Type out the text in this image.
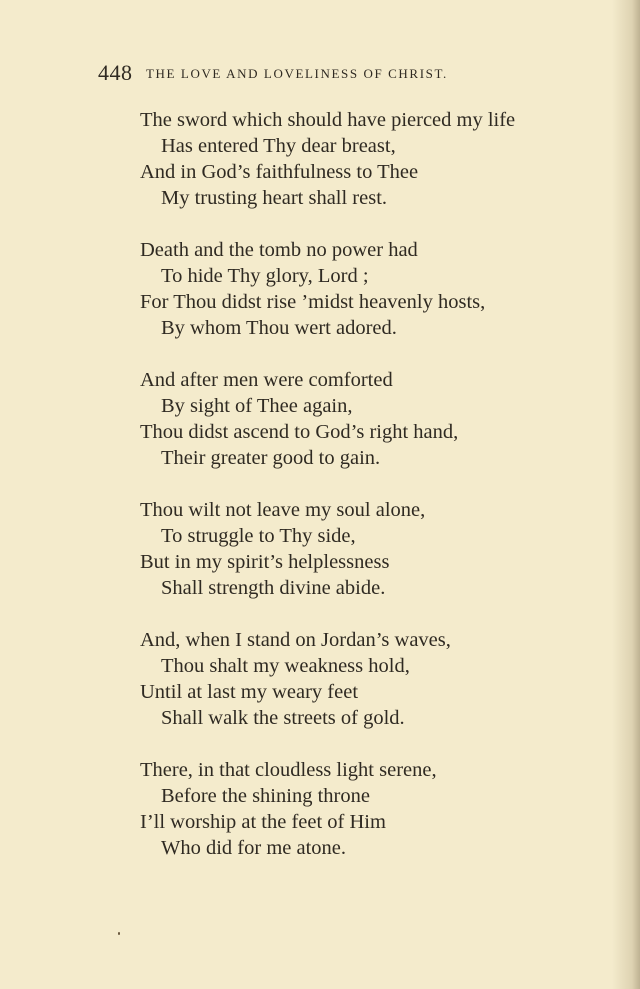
448 THE LOVE AND LOVELINESS OF CHRIST.
The sword which should have pierced my life
Has entered Thy dear breast,
And in God’s faithfulness to Thee
My trusting heart shall rest.
Death and the tomb no power had
To hide Thy glory, Lord ;
For Thou didst rise ’midst heavenly hosts,
By whom Thou wert adored.
And after men were comforted
By sight of Thee again,
Thou didst ascend to God’s right hand,
Their greater good to gain.
Thou wilt not leave my soul alone,
To struggle to Thy side,
But in my spirit’s helplessness
Shall strength divine abide.
And, when I stand on Jordan’s waves,
Thou shalt my weakness hold,
Until at last my weary feet
Shall walk the streets of gold.
There, in that cloudless light serene,
Before the shining throne
I’ll worship at the feet of Him
Who did for me atone.
